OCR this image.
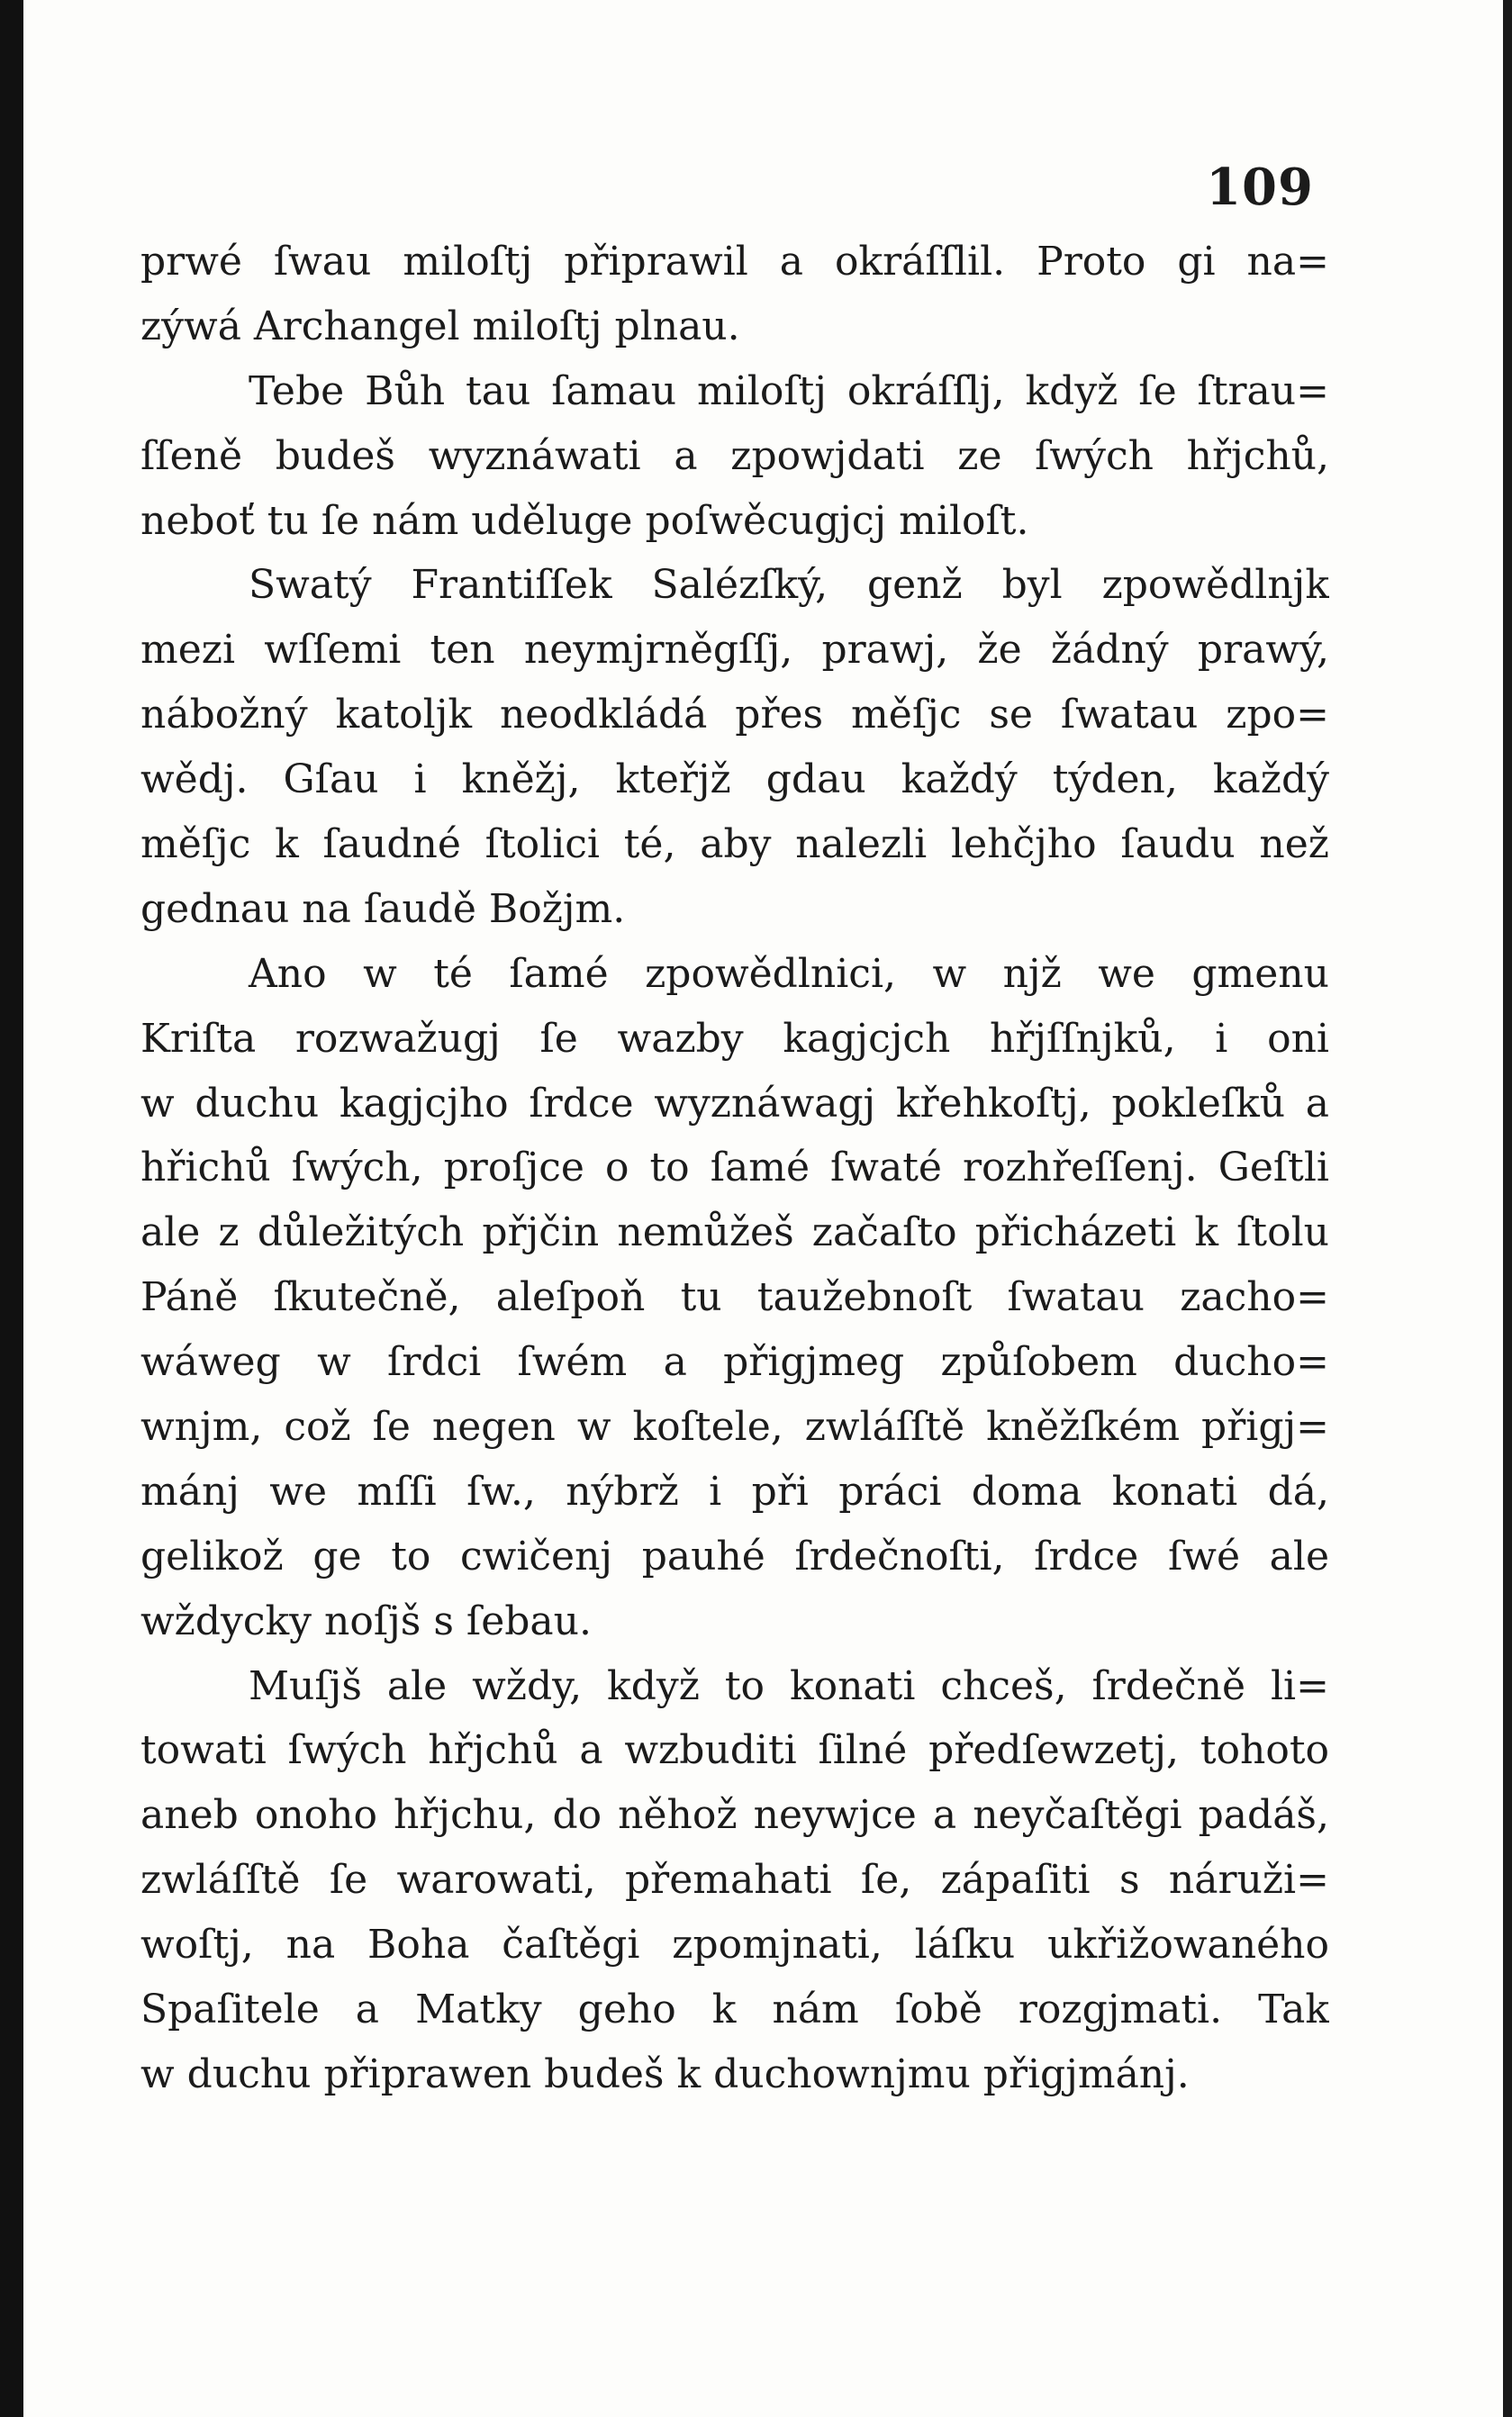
109
prwé ſwau miloſtj připrawil a okráſſlil. Proto gi na=
zýwá Archangel miloſtj plnau.
Tebe Bůh tau ſamau miloſtj okráſſlj, když ſe ſtrau=
ſſeně budeš wyznáwati a zpowjdati ze ſwých hřjchů,
neboť tu ſe nám uděluge poſwěcugjcj miloſt.
Swatý Frantiſſek Salézſký, genž byl zpowědlnjk
mezi wſſemi ten neymjrněgſſj, prawj, že žádný prawý,
nábožný katoljk neodkládá přes měſjc se ſwatau zpo=
wědj. Gſau i kněžj, kteřjž gdau každý týden, každý
měſjc k ſaudné ſtolici té, aby nalezli lehčjho ſaudu než
gednau na ſaudě Božjm.
Ano w té ſamé zpowědlnici, w njž we gmenu
Kriſta rozwažugj ſe wazby kagjcjch hřjſſnjků, i oni
w duchu kagjcjho ſrdce wyznáwagj křehkoſtj, pokleſků a
hřichů ſwých, proſjce o to ſamé ſwaté rozhřeſſenj. Geſtli
ale z důležitých přjčin nemůžeš začaſto přicházeti k ſtolu
Páně ſkutečně, aleſpoň tu taužebnoſt ſwatau zacho=
wáweg w ſrdci ſwém a přigjmeg způſobem ducho=
wnjm, což ſe negen w koſtele, zwláſſtě kněžſkém přigj=
mánj we mſſi ſw., nýbrž i při práci doma konati dá,
gelikož ge to cwičenj pauhé ſrdečnoſti, ſrdce ſwé ale
wždycky noſjš s ſebau.
Muſjš ale wždy, když to konati chceš, ſrdečně li=
towati ſwých hřjchů a wzbuditi ſilné předſewzetj, tohoto
aneb onoho hřjchu, do něhož neywjce a neyčaſtěgi padáš,
zwláſſtě ſe warowati, přemahati ſe, zápaſiti s náruži=
woſtj, na Boha čaſtěgi zpomjnati, láſku ukřižowaného
Spaſitele a Matky geho k nám ſobě rozgjmati. Tak
w duchu připrawen budeš k duchownjmu přigjmánj.
